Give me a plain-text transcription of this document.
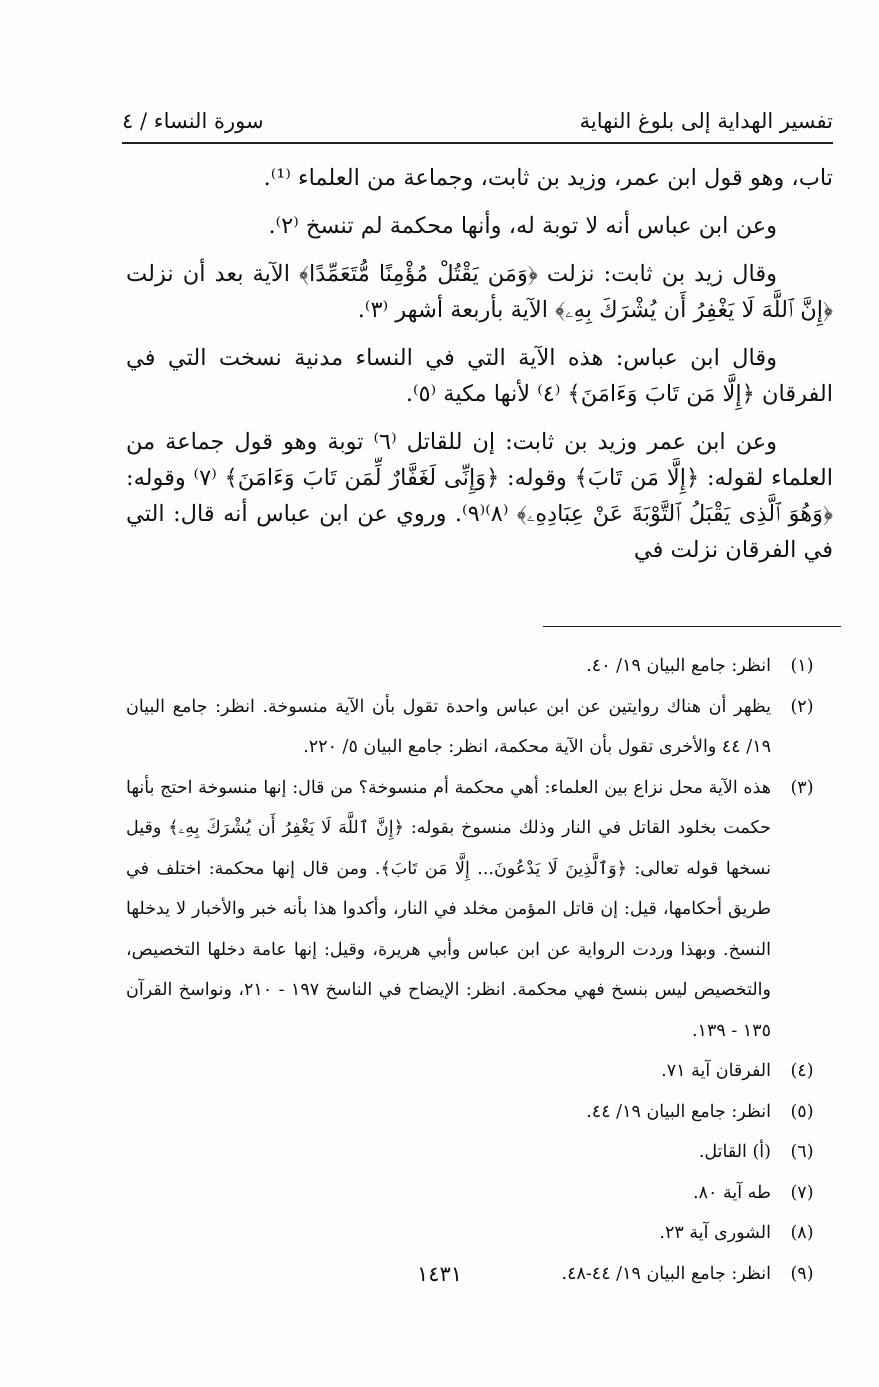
تفسير الهداية إلى بلوغ النهاية
سورة النساء / ٤

تاب، وهو قول ابن عمر، وزيد بن ثابت، وجماعة من العلماء ⁽¹⁾.

وعن ابن عباس أنه لا توبة له، وأنها محكمة لم تنسخ ⁽٢⁾.

وقال زيد بن ثابت: نزلت ﴿وَمَن يَقْتُلْ مُؤْمِنًا مُّتَعَمِّدًا﴾ الآية بعد أن نزلت ﴿إِنَّ ٱللَّهَ لَا يَغْفِرُ أَن يُشْرَكَ بِهِۦ﴾ الآية بأربعة أشهر ⁽٣⁾.

وقال ابن عباس: هذه الآية التي في النساء مدنية نسخت التي في الفرقان ﴿إِلَّا مَن تَابَ وَءَامَنَ﴾ ⁽٤⁾ لأنها مكية ⁽٥⁾.

وعن ابن عمر وزيد بن ثابت: إن للقاتل ⁽٦⁾ توبة وهو قول جماعة من العلماء لقوله: ﴿إِلَّا مَن تَابَ﴾ وقوله: ﴿وَإِنِّى لَغَفَّارٌ لِّمَن تَابَ وَءَامَنَ﴾ ⁽٧⁾ وقوله: ﴿وَهُوَ ٱلَّذِى يَقْبَلُ ٱلتَّوْبَةَ عَنْ عِبَادِهِۦ﴾ ⁽٨⁾⁽٩⁾. وروي عن ابن عباس أنه قال: التي في الفرقان نزلت في

(١)
انظر: جامع البيان ١٩/ ٤٠.
(٢)
يظهر أن هناك روايتين عن ابن عباس واحدة تقول بأن الآية منسوخة. انظر: جامع البيان ١٩/ ٤٤ والأخرى تقول بأن الآية محكمة، انظر: جامع البيان ٥/ ٢٢٠.
(٣)
هذه الآية محل نزاع بين العلماء: أهي محكمة أم منسوخة؟ من قال: إنها منسوخة احتج بأنها حكمت بخلود القاتل في النار وذلك منسوخ بقوله: ﴿إِنَّ ٱللَّهَ لَا يَغْفِرُ أَن يُشْرَكَ بِهِۦ﴾ وقيل نسخها قوله تعالى: ﴿وَٱلَّذِينَ لَا يَدْعُونَ... إِلَّا مَن تَابَ﴾. ومن قال إنها محكمة: اختلف في طريق أحكامها، قيل: إن قاتل المؤمن مخلد في النار، وأكدوا هذا بأنه خبر والأخبار لا يدخلها النسخ. وبهذا وردت الرواية عن ابن عباس وأبي هريرة، وقيل: إنها عامة دخلها التخصيص، والتخصيص ليس بنسخ فهي محكمة. انظر: الإيضاح في الناسخ ١٩٧ - ٢١٠، ونواسخ القرآن ١٣٥ - ١٣٩.
(٤)
الفرقان آية ٧١.
(٥)
انظر: جامع البيان ١٩/ ٤٤.
(٦)
(أ) القاتل.
(٧)
طه آية ٨٠.
(٨)
الشورى آية ٢٣.
(٩)
انظر: جامع البيان ١٩/ ٤٤-٤٨.
١٤٣١
